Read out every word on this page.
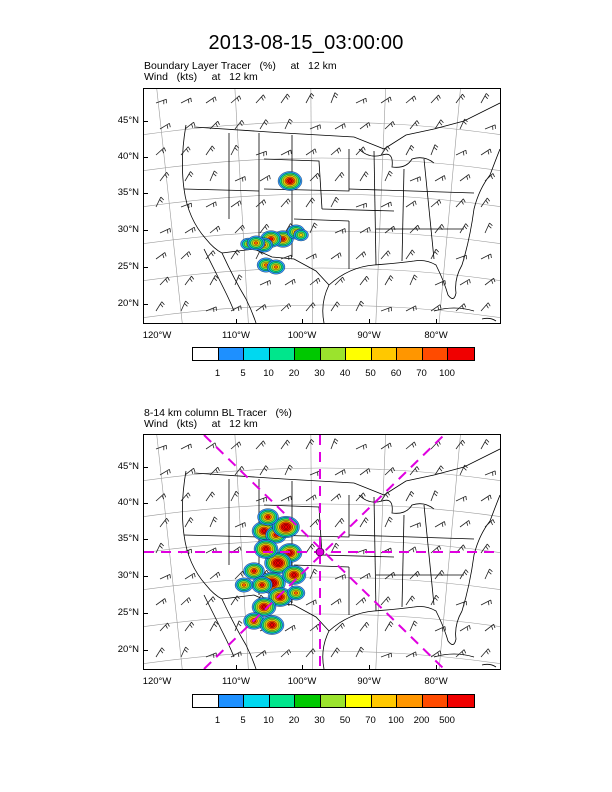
2013-08-15_03:00:00
Boundary Layer Tracer   (%)     at   12 km
Wind   (kts)     at   12 km
45°N
40°N
35°N
30°N
25°N
20°N
120°W	110°W	100°W	90°W	80°W
1 5 10 20 30 40 50 60 70 100
8-14 km column BL Tracer   (%)
Wind   (kts)     at   12 km
45°N
40°N
35°N
30°N
25°N
20°N
120°W	110°W	100°W	90°W	80°W
1 5 10 20 30 50 70 100 200 500
